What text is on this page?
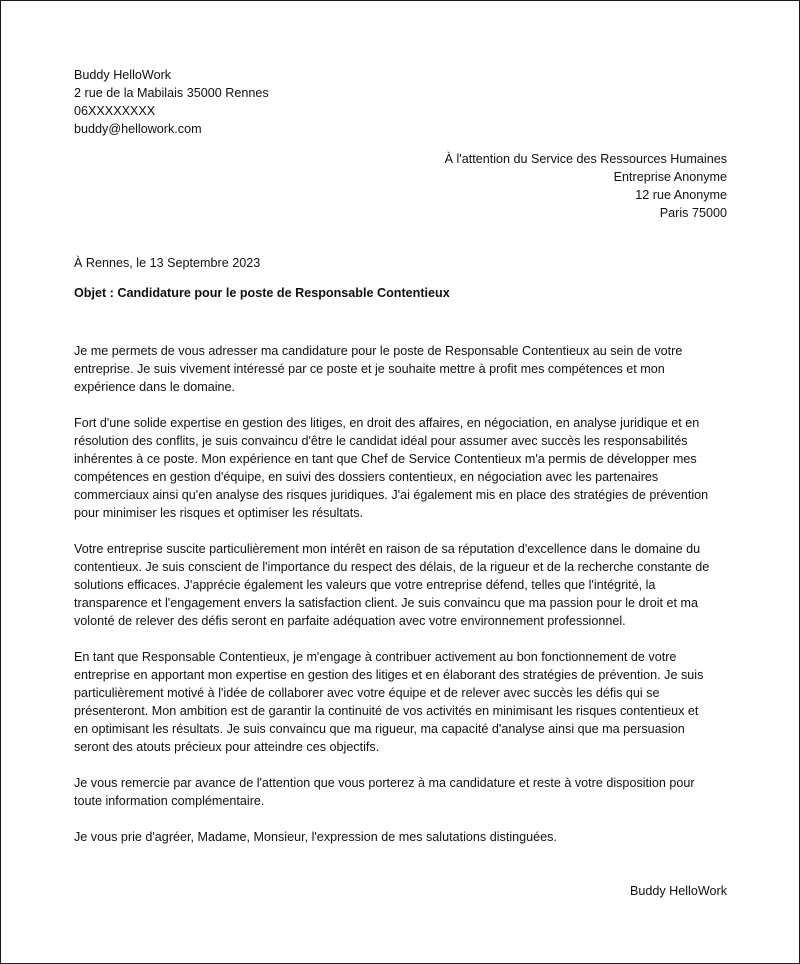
Buddy HelloWork
2 rue de la Mabilais 35000 Rennes
06XXXXXXXX
buddy@hellowork.com
À l'attention du Service des Ressources Humaines
Entreprise Anonyme
12 rue Anonyme
Paris 75000
À Rennes, le 13 Septembre 2023
Objet : Candidature pour le poste de Responsable Contentieux

Je me permets de vous adresser ma candidature pour le poste de Responsable Contentieux au sein de votre
entreprise. Je suis vivement intéressé par ce poste et je souhaite mettre à profit mes compétences et mon
expérience dans le domaine.

Fort d'une solide expertise en gestion des litiges, en droit des affaires, en négociation, en analyse juridique et en
résolution des conflits, je suis convaincu d'être le candidat idéal pour assumer avec succès les responsabilités
inhérentes à ce poste. Mon expérience en tant que Chef de Service Contentieux m'a permis de développer mes
compétences en gestion d'équipe, en suivi des dossiers contentieux, en négociation avec les partenaires
commerciaux ainsi qu'en analyse des risques juridiques. J'ai également mis en place des stratégies de prévention
pour minimiser les risques et optimiser les résultats.

Votre entreprise suscite particulièrement mon intérêt en raison de sa réputation d'excellence dans le domaine du
contentieux. Je suis conscient de l'importance du respect des délais, de la rigueur et de la recherche constante de
solutions efficaces. J'apprécie également les valeurs que votre entreprise défend, telles que l'intégrité, la
transparence et l'engagement envers la satisfaction client. Je suis convaincu que ma passion pour le droit et ma
volonté de relever des défis seront en parfaite adéquation avec votre environnement professionnel.

En tant que Responsable Contentieux, je m'engage à contribuer activement au bon fonctionnement de votre
entreprise en apportant mon expertise en gestion des litiges et en élaborant des stratégies de prévention. Je suis
particulièrement motivé à l'idée de collaborer avec votre équipe et de relever avec succès les défis qui se
présenteront. Mon ambition est de garantir la continuité de vos activités en minimisant les risques contentieux et
en optimisant les résultats. Je suis convaincu que ma rigueur, ma capacité d'analyse ainsi que ma persuasion
seront des atouts précieux pour atteindre ces objectifs.

Je vous remercie par avance de l'attention que vous porterez à ma candidature et reste à votre disposition pour
toute information complémentaire.

Je vous prie d'agréer, Madame, Monsieur, l'expression de mes salutations distinguées.

Buddy HelloWork
